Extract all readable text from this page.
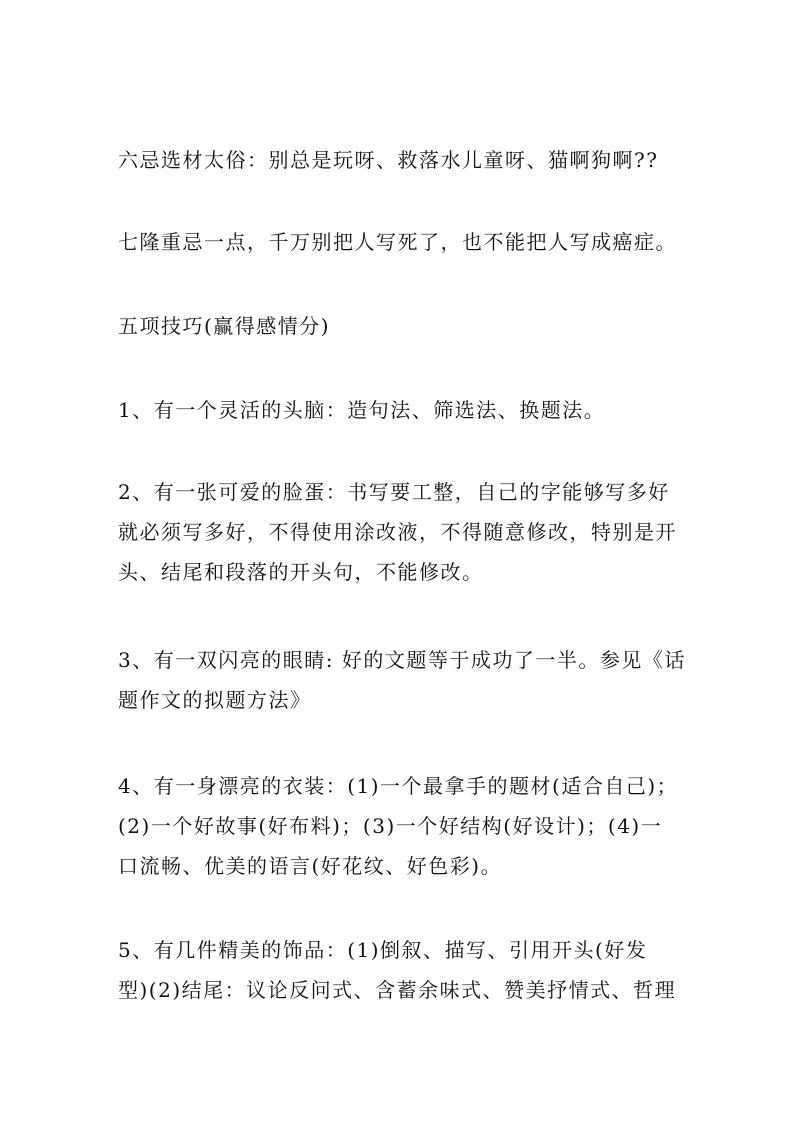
六忌选材太俗：别总是玩呀、救落水儿童呀、猫啊狗啊??

七隆重忌一点，千万别把人写死了，也不能把人写成癌症。

五项技巧(赢得感情分)

1、有一个灵活的头脑：造句法、筛选法、换题法。

2、有一张可爱的脸蛋：书写要工整，自己的字能够写多好
就必须写多好，不得使用涂改液，不得随意修改，特别是开
头、结尾和段落的开头句，不能修改。

3、有一双闪亮的眼睛: 好的文题等于成功了一半。参见《话
题作文的拟题方法》

4、有一身漂亮的衣装：(1)一个最拿手的题材(适合自己)；
(2)一个好故事(好布料)；(3)一个好结构(好设计)；(4)一
口流畅、优美的语言(好花纹、好色彩)。

5、有几件精美的饰品：(1)倒叙、描写、引用开头(好发
型)(2)结尾：议论反问式、含蓄余味式、赞美抒情式、哲理
